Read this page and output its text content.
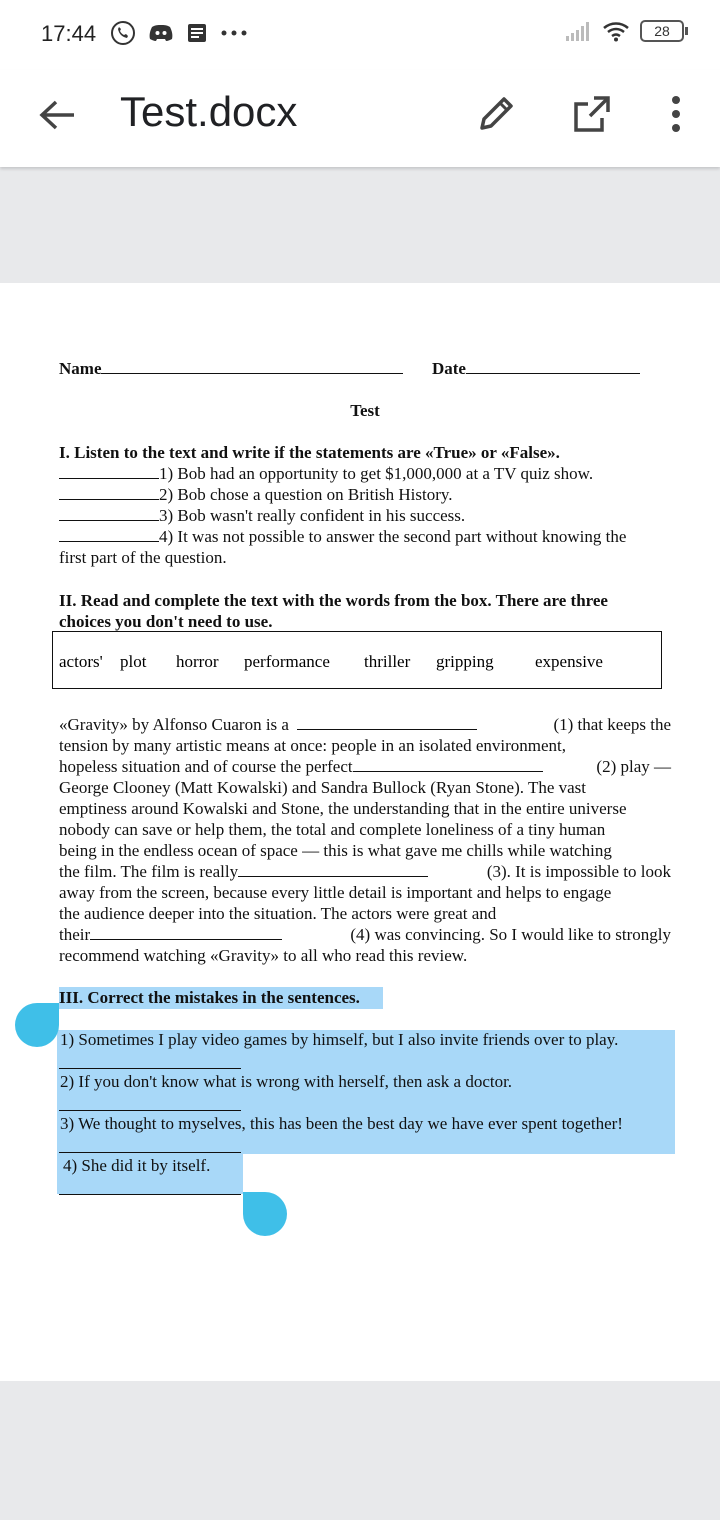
17:44	28
Test.docx
Name	Date
Test
I. Listen to the text and write if the statements are «True» or «False».
1) Bob had an opportunity to get $1,000,000 at a TV quiz show.
2) Bob chose a question on British History.
3) Bob wasn't really confident in his success.
4) It was not possible to answer the second part without knowing the
first part of the question.
II. Read and complete the text with the words from the box. There are three
choices you don't need to use.
actors' plot horror performance thriller gripping expensive
«Gravity» by Alfonso Cuaron is a	(1) that keeps the
tension by many artistic means at once: people in an isolated environment,
hopeless situation and of course the perfect	(2) play —
George Clooney (Matt Kowalski) and Sandra Bullock (Ryan Stone). The vast
emptiness around Kowalski and Stone, the understanding that in the entire universe
nobody can save or help them, the total and complete loneliness of a tiny human
being in the endless ocean of space — this is what gave me chills while watching
the film. The film is really	(3). It is impossible to look
away from the screen, because every little detail is important and helps to engage
the audience deeper into the situation. The actors were great and
their	(4) was convincing. So I would like to strongly
recommend watching «Gravity» to all who read this review.
III. Correct the mistakes in the sentences.
1) Sometimes I play video games by himself, but I also invite friends over to play.
2) If you don't know what is wrong with herself, then ask a doctor.
3) We thought to myselves, this has been the best day we have ever spent together!
4) She did it by itself.
